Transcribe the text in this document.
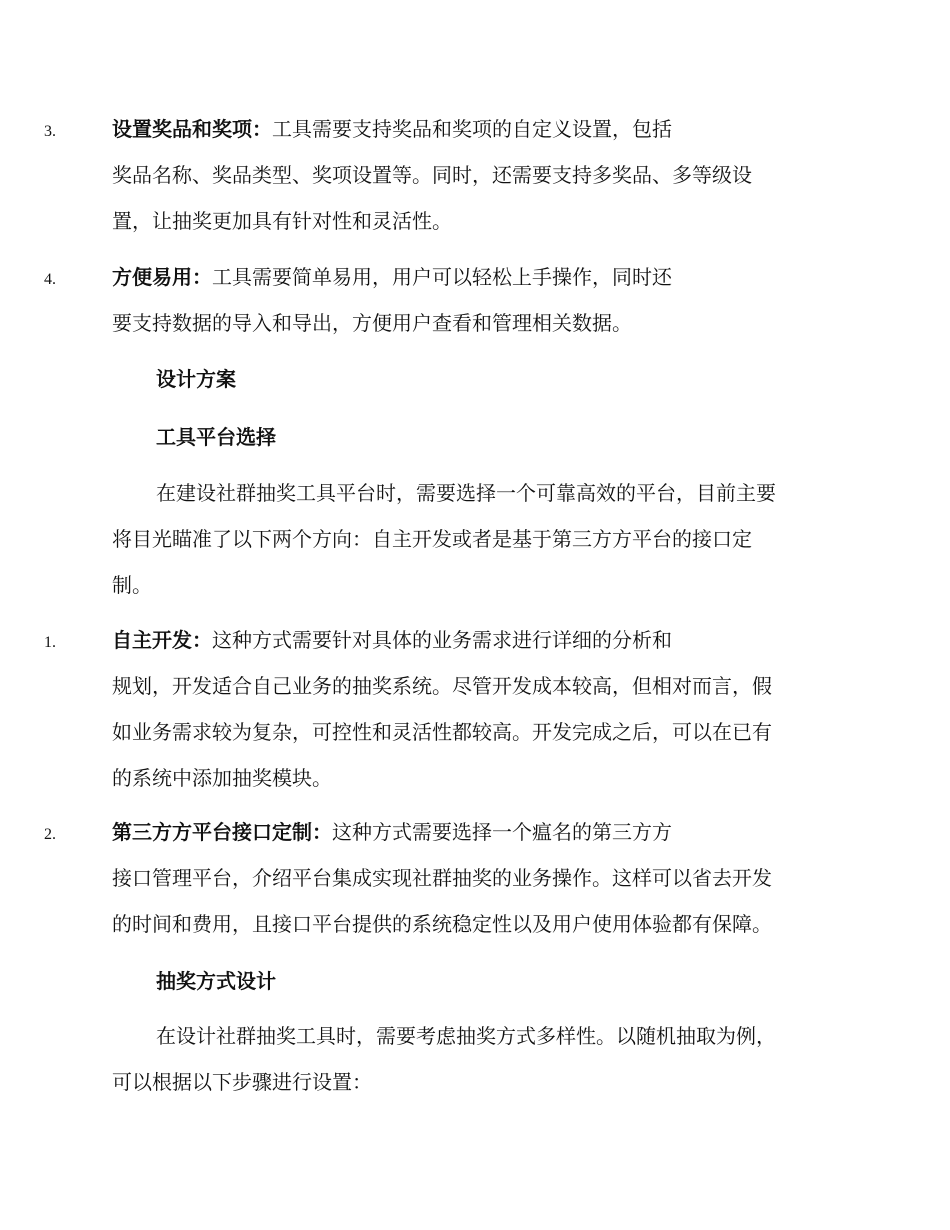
3.	设置奖品和奖项：工具需要支持奖品和奖项的自定义设置，包括
奖品名称、奖品类型、奖项设置等。同时，还需要支持多奖品、多等级设
置，让抽奖更加具有针对性和灵活性。
4.	方便易用：工具需要简单易用，用户可以轻松上手操作，同时还
要支持数据的导入和导出，方便用户查看和管理相关数据。
设计方案
工具平台选择
在建设社群抽奖工具平台时，需要选择一个可靠高效的平台，目前主要
将目光瞄准了以下两个方向：自主开发或者是基于第三方方平台的接口定
制。
1.	自主开发：这种方式需要针对具体的业务需求进行详细的分析和
规划，开发适合自己业务的抽奖系统。尽管开发成本较高，但相对而言，假
如业务需求较为复杂，可控性和灵活性都较高。开发完成之后，可以在已有
的系统中添加抽奖模块。
2.	第三方方平台接口定制：这种方式需要选择一个瘟名的第三方方
接口管理平台，介绍平台集成实现社群抽奖的业务操作。这样可以省去开发
的时间和费用，且接口平台提供的系统稳定性以及用户使用体验都有保障。
抽奖方式设计
在设计社群抽奖工具时，需要考虑抽奖方式多样性。以随机抽取为例，
可以根据以下步骤进行设置：
